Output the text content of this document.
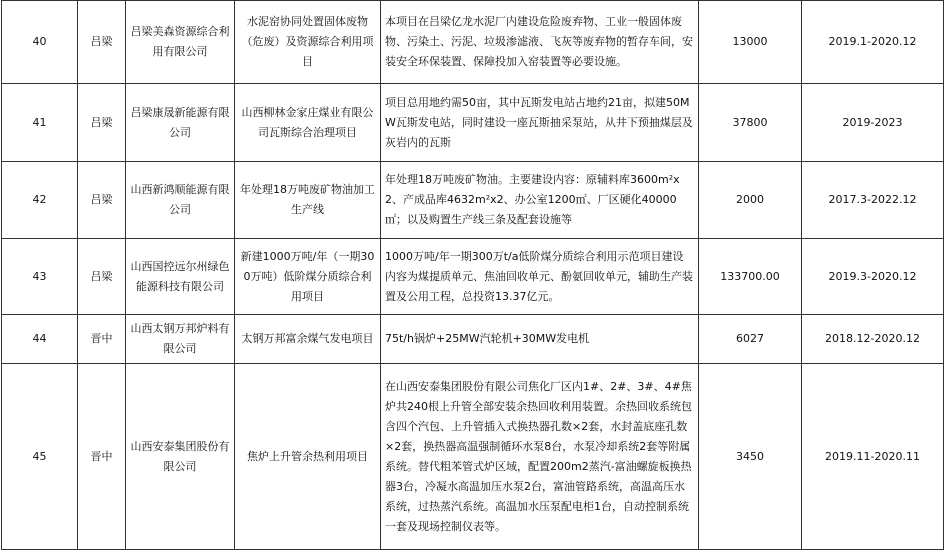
40	吕梁	吕梁美森资源综合利用有限公司	水泥窑协同处置固体废物（危废）及资源综合利用项目	本项目在吕梁亿龙水泥厂内建设危险废弃物、工业一般固体废物、污染土、污泥、垃圾渗滤液、飞灰等废弃物的暂存车间，安装安全环保装置、保障投加入窑装置等必要设施。	13000	2019.1-2020.12
41	吕梁	吕梁康晟新能源有限公司	山西柳林金家庄煤业有限公司瓦斯综合治理项目	项目总用地约需50亩，其中瓦斯发电站占地约21亩，拟建50MW瓦斯发电站，同时建设一座瓦斯抽采泵站，从井下预抽煤层及灰岩内的瓦斯	37800	2019-2023
42	吕梁	山西新鸿顺能源有限公司	年处理18万吨废矿物油加工生产线	年处理18万吨废矿物油。主要建设内容：原辅料库3600m²x2、产成品库4632m²x2、办公室1200㎡、厂区硬化40000㎡；以及购置生产线三条及配套设施等	2000	2017.3-2022.12
43	吕梁	山西国控远尔州绿色能源科技有限公司	新建1000万吨/年（一期300万吨）低阶煤分质综合利用项目	1000万吨/年一期300万t/a低阶煤分质综合利用示范项目建设内容为煤提质单元、焦油回收单元、酚氨回收单元，辅助生产装置及公用工程，总投资13.37亿元。	133700.00	2019.3-2020.12
44	晋中	山西太钢万邦炉料有限公司	太钢万邦富余煤气发电项目	75t/h锅炉+25MW汽轮机+30MW发电机	6027	2018.12-2020.12
45	晋中	山西安泰集团股份有限公司	焦炉上升管余热利用项目	在山西安泰集团股份有限公司焦化厂区内1#、2#、3#、4#焦炉共240根上升管全部安装余热回收利用装置。余热回收系统包含四个汽包、上升管插入式换热器孔数×2套，水封盖底座孔数×2套，换热器高温强制循环水泵8台，水泵冷却系统2套等附属系统。替代粗苯管式炉区域，配置200m2蒸汽-富油螺旋板换热器3台，冷凝水高温加压水泵2台，富油管路系统，高温高压水系统，过热蒸汽系统。高温加水压泵配电柜1台，自动控制系统一套及现场控制仪表等。	3450	2019.11-2020.11
